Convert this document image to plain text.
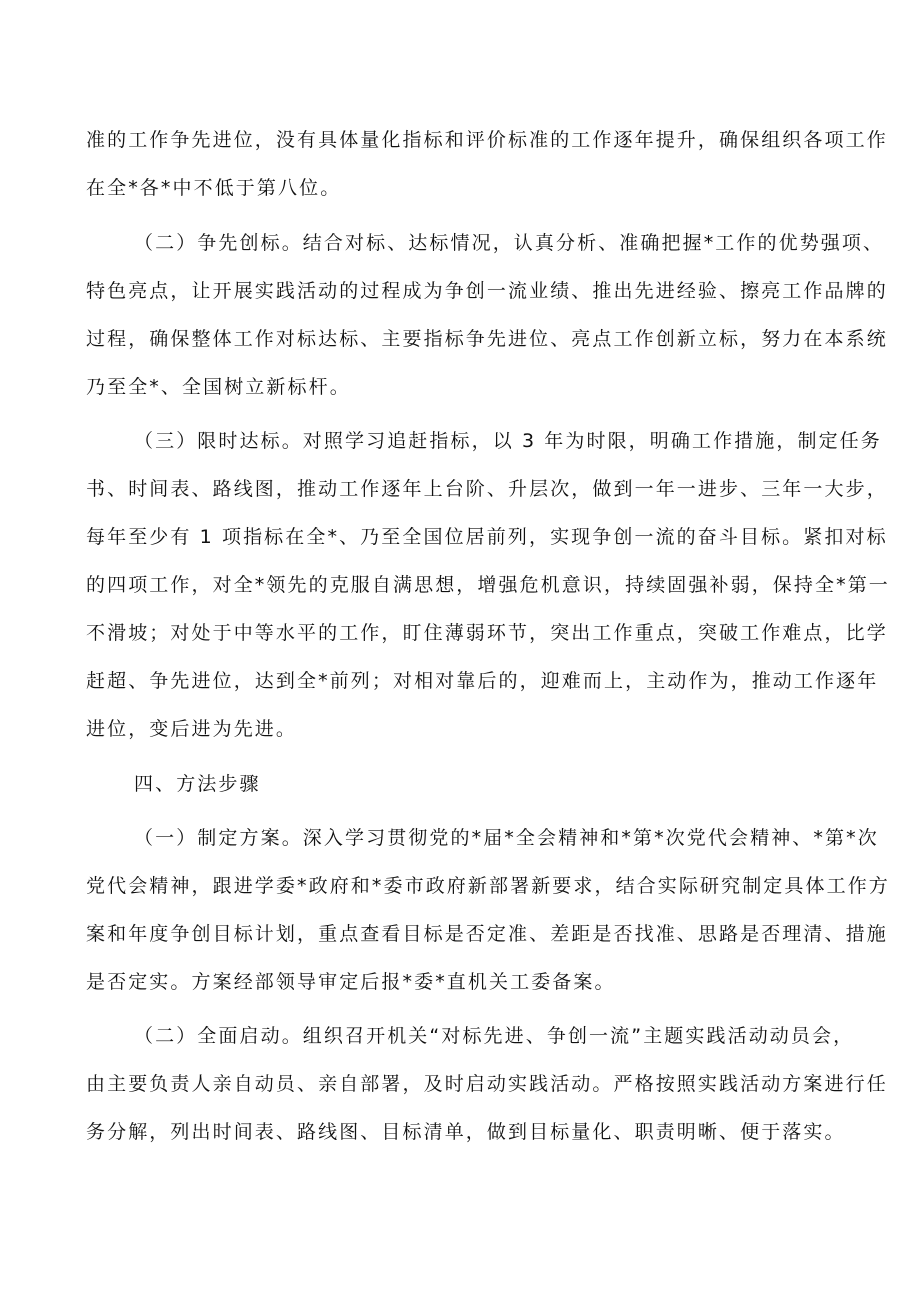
准的工作争先进位，没有具体量化指标和评价标准的工作逐年提升，确保组织各项工作
在全*各*中不低于第八位。
（二）争先创标。结合对标、达标情况，认真分析、准确把握*工作的优势强项、
特色亮点，让开展实践活动的过程成为争创一流业绩、推出先进经验、擦亮工作品牌的
过程，确保整体工作对标达标、主要指标争先进位、亮点工作创新立标，努力在本系统
乃至全*、全国树立新标杆。
（三）限时达标。对照学习追赶指标，以 3 年为时限，明确工作措施，制定任务
书、时间表、路线图，推动工作逐年上台阶、升层次，做到一年一进步、三年一大步，
每年至少有 1 项指标在全*、乃至全国位居前列，实现争创一流的奋斗目标。紧扣对标
的四项工作，对全*领先的克服自满思想，增强危机意识，持续固强补弱，保持全*第一
不滑坡；对处于中等水平的工作，盯住薄弱环节，突出工作重点，突破工作难点，比学
赶超、争先进位，达到全*前列；对相对靠后的，迎难而上，主动作为，推动工作逐年
进位，变后进为先进。
四、方法步骤
（一）制定方案。深入学习贯彻党的*届*全会精神和*第*次党代会精神、*第*次
党代会精神，跟进学委*政府和*委市政府新部署新要求，结合实际研究制定具体工作方
案和年度争创目标计划，重点查看目标是否定准、差距是否找准、思路是否理清、措施
是否定实。方案经部领导审定后报*委*直机关工委备案。
（二）全面启动。组织召开机关“对标先进、争创一流”主题实践活动动员会，
由主要负责人亲自动员、亲自部署，及时启动实践活动。严格按照实践活动方案进行任
务分解，列出时间表、路线图、目标清单，做到目标量化、职责明晰、便于落实。
